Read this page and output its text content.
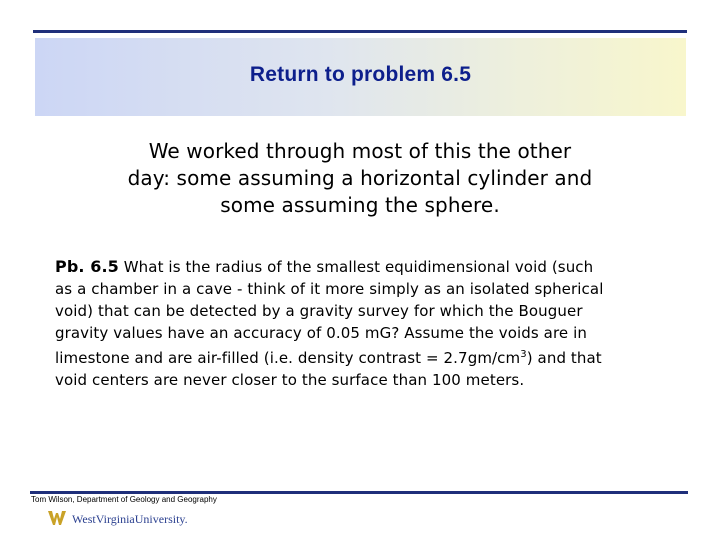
Return to problem 6.5
We worked through most of this the other
day: some assuming a horizontal cylinder and
some assuming the sphere.
Pb. 6.5 What is the radius of the smallest equidimensional void (such
as a chamber in a cave - think of it more simply as an isolated spherical
void) that can be detected by a gravity survey for which the Bouguer
gravity values have an accuracy of 0.05 mG? Assume the voids are in
limestone and are air-filled (i.e. density contrast = $2.7gm/cm^3$) and that
void centers are never closer to the surface than 100 meters.
Tom Wilson, Department of Geology and Geography
WestVirginiaUniversity.
